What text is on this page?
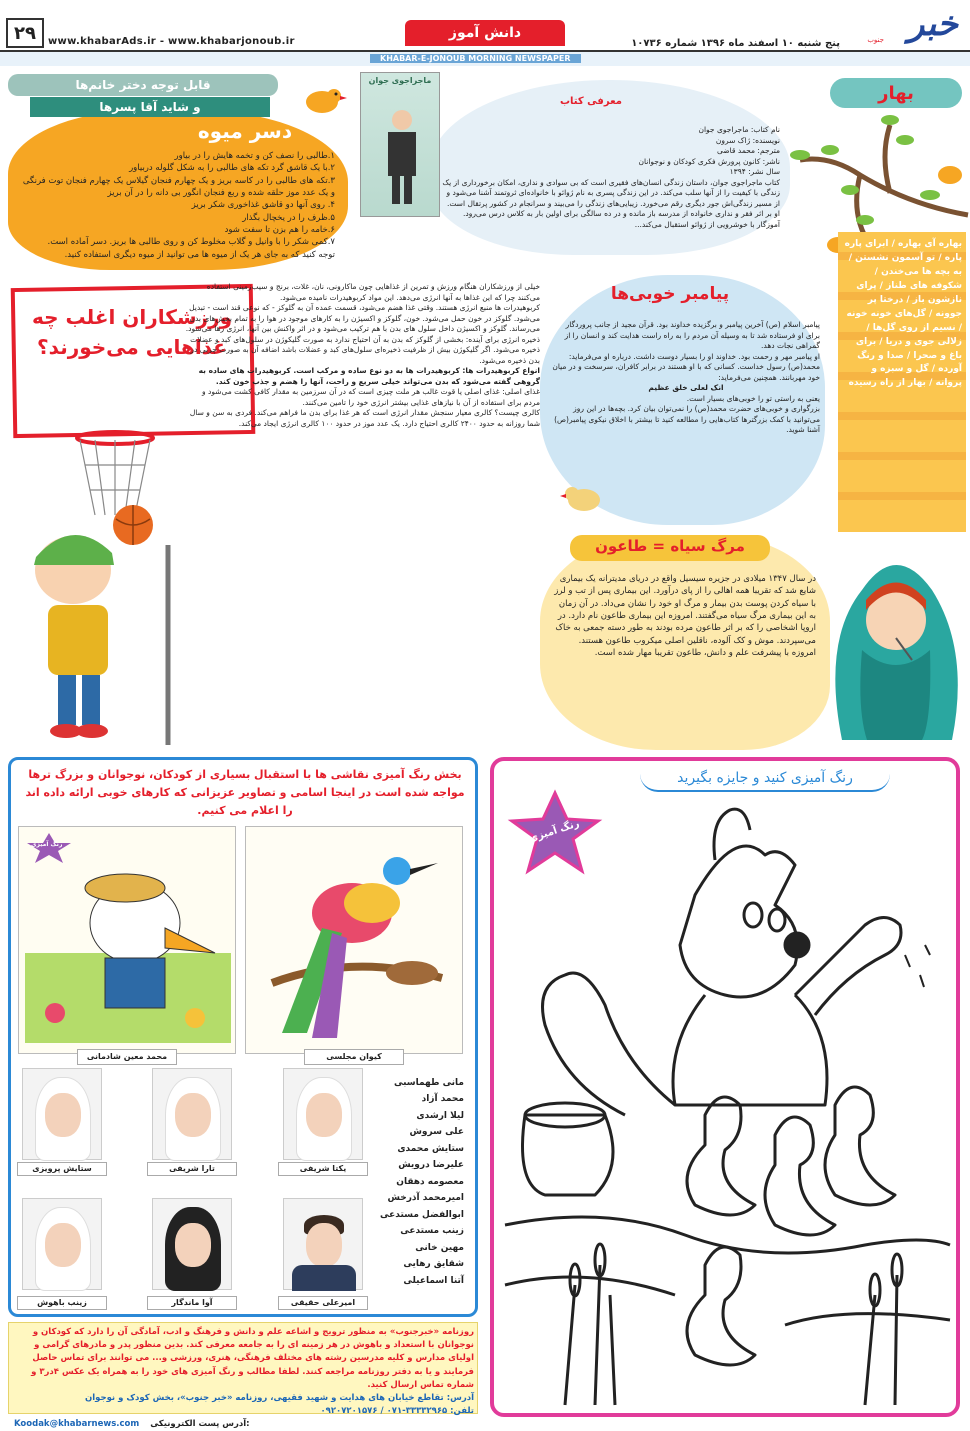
۲۹	www.khabarAds.ir - www.khabarjonoub.ir
دانش آموز
پنج شنبه ۱۰ اسفند ماه ۱۳۹۶ شماره ۱۰۷۳۶ خبر
جنوب
KHABAR-E-JONOUB MORNING NEWSPAPER
قابل توجه دختر خانم‌ها
و شاید آقا پسرها
دسر میوه
۱.طالبی را نصف کن و تخمه هایش را در بیاور
۲.با یک قاشق گرد تکه های طالبی را به شکل گلوله دربیاور
۳.تکه های طالبی را در کاسه بریز و یک چهارم فنجان گیلاس یک چهارم فنجان توت فرنگی و یک عدد موز حلقه شده و ربع فنجان انگور بی دانه را در آن بریز
۴. روی آنها دو قاشق غذاخوری شکر بریز
۵.ظرف را در یخچال بگذار
۶.خامه را هم بزن تا سفت شود
۷.کمی شکر را با وانیل و گلاب مخلوط کن و روی طالبی ها بریز. دسر آماده است.
توجه کنید که به جای هر یک از میوه ها می توانید از میوه دیگری استفاده کنید.
ورزشکاران اغلب چه غذاهایی می‌خورند؟

خیلی از ورزشکاران هنگام ورزش و تمرین از غذاهایی چون ماکارونی، نان، غلات، برنج و سیب‌زمینی استفاده می‌کنند چرا که این غذاها به آنها انرژی می‌دهد. این مواد کربوهیدرات نامیده می‌شود.

کربوهیدرات ها منبع انرژی هستند. وقتی غذا هضم می‌شود، قسمت عمده آن به گلوکز - که نوعی قند است - تبدیل می‌شود. گلوکز در خون حمل می‌شود. خون، گلوکز و اکسیژن را به کارهای موجود در هوا را به تمام بخش‌های بدن می‌رساند. گلوکز و اکسیژن داخل سلول های بدن با هم ترکیب می‌شود و در اثر واکنش بین آنها، انرژی رها می‌شود.

ذخیره انرژی برای آینده: بخشی از گلوکز که بدن به آن احتیاج ندارد به صورت گلیکوژن در سلول‌های کبد و عضلات ذخیره می‌شود. اگر گلیکوژن بیش از ظرفیت ذخیره‌ای سلول‌های کبد و عضلات باشد اضافه آن به صورت چربی در بدن ذخیره می‌شود.

انواع کربوهیدرات ها: کربوهیدرات ها به دو نوع ساده و مرکب است. کربوهیدرات های ساده به گروهی گفته می‌شود که بدن می‌تواند خیلی سریع و راحت، آنها را هضم و جذب خون کند.

غذای اصلی: غذای اصلی یا قوت غالب هر ملت چیزی است که در آن سرزمین به مقدار کافی کشت می‌شود و مردم برای استفاده از آن با نیازهای غذایی بیشتر انرژی خود را تامین می‌کنند.

کالری چیست؟ کالری معیار سنجش مقدار انرژی است که هر غذا برای بدن ما فراهم می‌کند. فردی به سن و سال شما روزانه به حدود ۲۴۰۰ کالری احتیاج دارد. یک عدد موز در حدود ۱۰۰ کالری انرژی ایجاد می‌کند.

ماجراجوی جوان
معرفی کتاب
نام کتاب: ماجراجوی جوان
نویسنده: ژاک سرون
مترجم: محمد قاضی
ناشر: کانون پرورش فکری کودکان و نوجوانان
سال نشر: ۱۳۹۴
کتاب ماجراجوی جوان، داستان زندگی انسان‌های فقیری است که بی سوادی و نداری، امکان برخورداری از یک زندگی با کیفیت را از آنها سلب می‌کند. در این زندگی پسری به نام ژوائو با خانواده‌ای ثروتمند آشنا می‌شود و از مسیر زندگی‌اش جور دیگری رقم می‌خورد. زیبایی‌های زندگی را می‌بیند و سرانجام در کشور پرتقال است. او بر اثر فقر و نداری خانواده از مدرسه باز مانده و در ده سالگی برای اولین بار به کلاس درس می‌رود. آموزگار با خوشرویی از ژوائو استقبال می‌کند...
بهار
بهاره آی بهاره / ابرای پاره پاره / تو آسمون نشستن / به بچه ها می‌خندن / شکوفه های طناز / پرای نازشون باز / درختا پر جوونه / گل‌های خونه خونه / نسیم از روی گل‌ها / زلالی جوی و دریا / برای باغ و صحرا / صدا و رنگ آورده / گل و سبزه و پروانه / بهار از راه رسیده
پیامبر خوبی‌ها

پیامبر اسلام (ص) آخرین پیامبر و برگزیده خداوند بود. قرآن مجید از جانب پروردگار برای او فرستاده شد تا به وسیله آن مردم را به راه راست هدایت کند و انسان را از گمراهی نجات دهد.

او پیامبر مهر و رحمت بود. خداوند او را بسیار دوست داشت. درباره او می‌فرماید: محمد(ص) رسول خداست. کسانی که با او هستند در برابر کافران، سرسخت و در میان خود مهربانند. همچنین می‌فرماید:

انک لعلی خلق عظیم

یعنی به راستی تو را خوبی‌های بسیار است.

بزرگواری و خوبی‌های حضرت محمد(ص) را نمی‌توان بیان کرد. بچه‌ها در این روز می‌توانید با کمک بزرگترها کتاب‌هایی را مطالعه کنید تا بیشتر با اخلاق نیکوی پیامبر(ص) آشنا شوید.

مرگ سیاه = طاعون
در سال ۱۳۴۷ میلادی در جزیره سیسیل واقع در دریای مدیترانه یک بیماری شایع شد که تقریبا همه اهالی را از پای درآورد. این بیماری پس از تب و لرز با سیاه کردن پوست بدن بیمار و مرگ او خود را نشان می‌داد. در آن زمان به این بیماری مرگ سیاه می‌گفتند. امروزه این بیماری طاعون نام دارد. در اروپا اشخاصی را که بر اثر طاعون مرده بودند به طور دسته جمعی به خاک می‌سپردند. موش و کک آلوده، ناقلین اصلی میکروب طاعون هستند. امروزه با پیشرفت علم و دانش، طاعون تقریبا مهار شده است.
بخش رنگ آمیزی نقاشی ها با استقبال بسیاری از کودکان، نوجوانان و بزرگ ترها مواجه شده است در اینجا اسامی و تصاویر عزیزانی که کارهای خوبی ارائه داده اند را اعلام می کنیم.
رنگ آمیزی
محمد معین شادمانی	کیوان مجلسی
یکتا شریفی
تارا شریفی
ستایش پرویزی
امیرعلی حقیقی
آوا ماندگار
زینب باهوش
مانی طهماسبی
محمد آزاد
لیلا ارشدی
علی سروش
ستایش محمدی
علیرضا درویش
معصومه دهقان
امیرمحمد آذرخش
ابوالفضل مستدعی
زینب مستدعی
مهین خانی
شقایق رهایی
آتنا اسماعیلی
رنگ آمیزی کنید و جایزه بگیرید
رنگ آمیزی
روزنامه «خبرجنوب» به منظور ترویج و اشاعه علم و دانش و فرهنگ و ادب، آمادگی آن را دارد که کودکان و نوجوانان با استعداد و باهوش در هر زمینه ای را به جامعه معرفی کند. بدین منظور پدر و مادرهای گرامی و اولیای مدارس و کلیه مدرسین رشته های مختلف فرهنگی، هنری، ورزشی و... می توانند برای تماس حاصل فرمایند و یا به دفتر روزنامه مراجعه کنند. لطفا مطالب و رنگ آمیزی های خود را به همراه یک عکس ۴در۳ و شماره تماس ارسال کنید.
آدرس: تقاطع خیابان های هدایت و شهید فقیهی، روزنامه «خبر جنوب»، بخش کودک و نوجوان
تلفن: ۳۳۳۳۲۹۶۵-۰۷۱ / ۰۹۲۰۷۲۰۱۵۷۶
Koodak@khabarnews.com آدرس پست الکترونیکی:
